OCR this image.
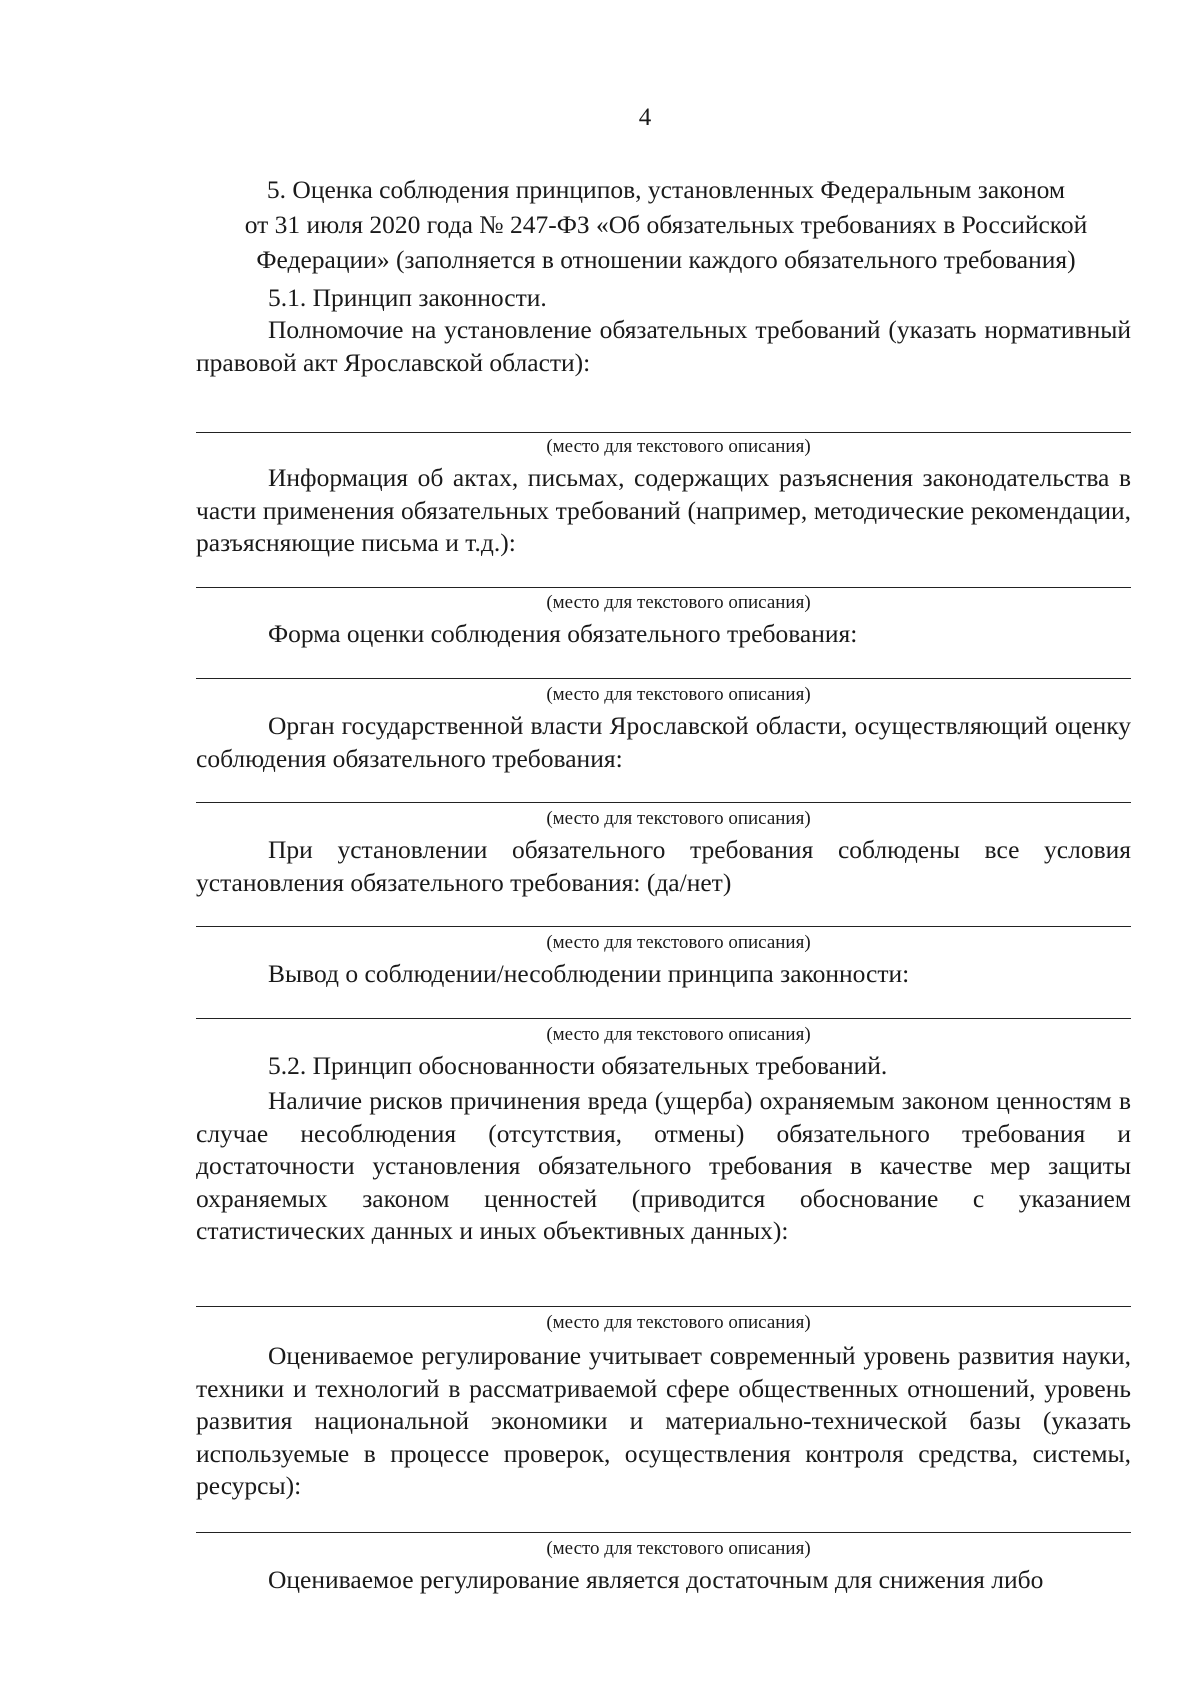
4
5. Оценка соблюдения принципов, установленных Федеральным законом
от 31 июля 2020 года № 247-ФЗ «Об обязательных требованиях в Российской
Федерации» (заполняется в отношении каждого обязательного требования)
5.1. Принцип законности.
Полномочие на установление обязательных требований (указать нормативный правовой акт Ярославской области):
(место для текстового описания)
Информация об актах, письмах, содержащих разъяснения законодательства в части применения обязательных требований (например, методические рекомендации, разъясняющие письма и т.д.):
(место для текстового описания)
Форма оценки соблюдения обязательного требования:
(место для текстового описания)
Орган государственной власти Ярославской области, осуществляющий оценку соблюдения обязательного требования:
(место для текстового описания)
При установлении обязательного требования соблюдены все условия установления обязательного требования: (да/нет)
(место для текстового описания)
Вывод о соблюдении/несоблюдении принципа законности:
(место для текстового описания)
5.2. Принцип обоснованности обязательных требований.
Наличие рисков причинения вреда (ущерба) охраняемым законом ценностям в случае несоблюдения (отсутствия, отмены) обязательного требования и достаточности установления обязательного требования в качестве мер защиты охраняемых законом ценностей (приводится обоснование с указанием статистических данных и иных объективных данных):
(место для текстового описания)
Оцениваемое регулирование учитывает современный уровень развития науки, техники и технологий в рассматриваемой сфере общественных отношений, уровень развития национальной экономики и материально-технической базы (указать используемые в процессе проверок, осуществления контроля средства, системы, ресурсы):
(место для текстового описания)
Оцениваемое регулирование является достаточным для снижения либо
